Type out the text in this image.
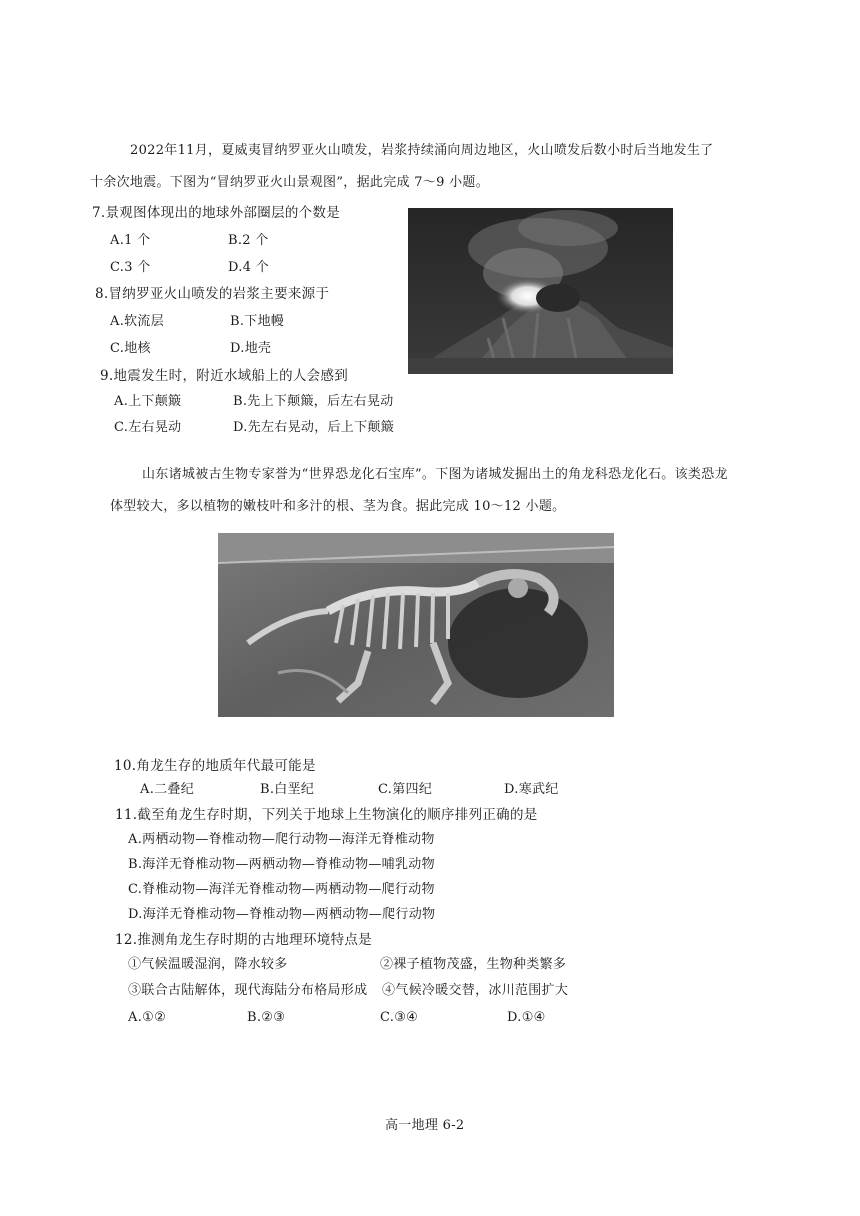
2022年11月，夏威夷冒纳罗亚火山喷发，岩浆持续涌向周边地区，火山喷发后数小时后当地发生了
十余次地震。下图为“冒纳罗亚火山景观图”，据此完成 7～9 小题。
7.景观图体现出的地球外部圈层的个数是
A.1 个	B.2 个
C.3 个	D.4 个
8.冒纳罗亚火山喷发的岩浆主要来源于
A.软流层	B.下地幔
C.地核	D.地壳
9.地震发生时，附近水域船上的人会感到
A.上下颠簸	B.先上下颠簸，后左右晃动
C.左右晃动	D.先左右晃动，后上下颠簸
山东诸城被古生物专家誉为“世界恐龙化石宝库”。下图为诸城发掘出土的角龙科恐龙化石。该类恐龙
体型较大，多以植物的嫩枝叶和多汁的根、茎为食。据此完成 10～12 小题。
10.角龙生存的地质年代最可能是
A.二叠纪	B.白垩纪	C.第四纪	D.寒武纪
11.截至角龙生存时期，下列关于地球上生物演化的顺序排列正确的是
A.两栖动物—脊椎动物—爬行动物—海洋无脊椎动物
B.海洋无脊椎动物—两栖动物—脊椎动物—哺乳动物
C.脊椎动物—海洋无脊椎动物—两栖动物—爬行动物
D.海洋无脊椎动物—脊椎动物—两栖动物—爬行动物
12.推测角龙生存时期的古地理环境特点是
①气候温暖湿润，降水较多	②裸子植物茂盛，生物种类繁多
③联合古陆解体，现代海陆分布格局形成 ④气候冷暖交替，冰川范围扩大
A.①②	B.②③	C.③④	D.①④
高一地理 6-2
